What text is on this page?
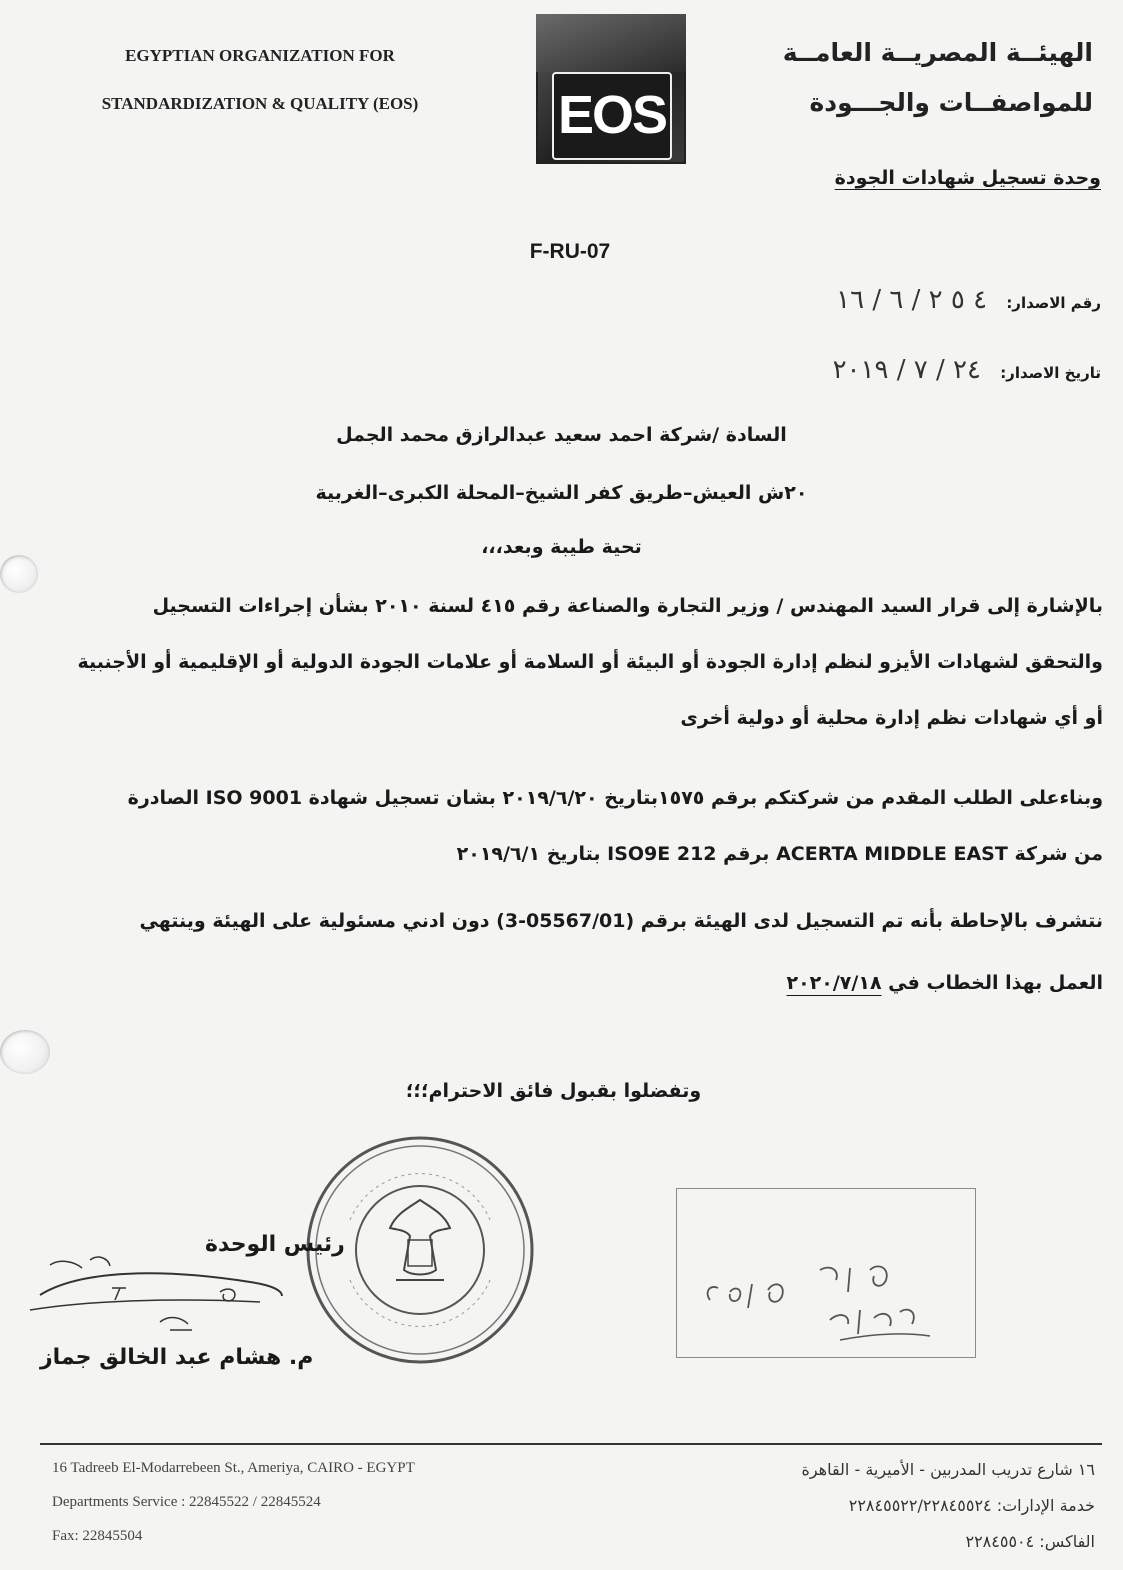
EGYPTIAN ORGANIZATION FOR
STANDARDIZATION & QUALITY (EOS)	EOS
الهيئــة المصريــة العامــة
للمواصفــات والجـــودة
وحدة تسجيل شهادات الجودة
F-RU-07
رقم الاصدار: ٤ ٥ ٢ / ٦ / ١٦
تاريخ الاصدار: ٢٤ / ٧ / ٢٠١٩
السادة /شركة احمد سعيد عبدالرازق محمد الجمل
٢٠ش العيش–طريق كفر الشيخ–المحلة الكبرى–الغربية
تحية طيبة وبعد،،،
بالإشارة إلى قرار السيد المهندس / وزير التجارة والصناعة رقم ٤١٥ لسنة ٢٠١٠ بشأن إجراءات التسجيل
والتحقق لشهادات الأيزو لنظم إدارة الجودة أو البيئة أو السلامة أو علامات الجودة الدولية أو الإقليمية أو الأجنبية
أو أي شهادات نظم إدارة محلية أو دولية أخرى
وبناءعلى الطلب المقدم من شركتكم برقم ١٥٧٥بتاريخ ٢٠١٩/٦/٢٠ بشان تسجيل شهادة ISO 9001 الصادرة
من شركة ACERTA MIDDLE EAST برقم 212 ISO9E بتاريخ ٢٠١٩/٦/١
نتشرف بالإحاطة بأنه تم التسجيل لدى الهيئة برقم (05567/01-3) دون ادني مسئولية على الهيئة وينتهي
العمل بهذا الخطاب في ٢٠٢٠/٧/١٨
وتفضلوا بقبول فائق الاحترام؛؛؛
رئيس الوحدة
م. هشام عبد الخالق جماز
16 Tadreeb El-Modarrebeen St., Ameriya, CAIRO - EGYPT
Departments Service : 22845522 / 22845524
Fax: 22845504
١٦ شارع تدريب المدربين - الأميرية - القاهرة
خدمة الإدارات: ٢٢٨٤٥٥٢٢/٢٢٨٤٥٥٢٤
الفاكس: ٢٢٨٤٥٥٠٤
